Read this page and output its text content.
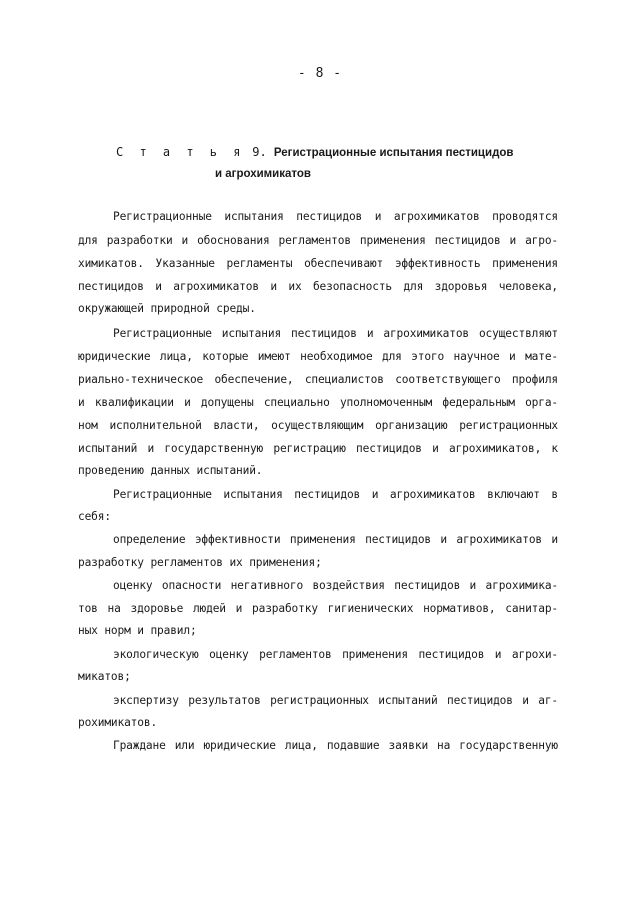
- 8 -
С т а т ь я 9. Регистрационные испытания пестицидов
и агрохимикатов
Регистрационные испытания пестицидов и агрохимикатов проводятся
для разработки и обоснования регламентов применения пестицидов и агро-
химикатов. Указанные регламенты обеспечивают эффективность применения
пестицидов и агрохимикатов и их безопасность для здоровья человека,
окружающей природной среды.
Регистрационные испытания пестицидов и агрохимикатов осуществляют
юридические лица, которые имеют необходимое для этого научное и мате-
риально-техническое обеспечение, специалистов соответствующего профиля
и квалификации и допущены специально уполномоченным федеральным орга-
ном исполнительной власти, осуществляющим организацию регистрационных
испытаний и государственную регистрацию пестицидов и агрохимикатов, к
проведению данных испытаний.
Регистрационные испытания пестицидов и агрохимикатов включают в
себя:
определение эффективности применения пестицидов и агрохимикатов и
разработку регламентов их применения;
оценку опасности негативного воздействия пестицидов и агрохимика-
тов на здоровье людей и разработку гигиенических нормативов, санитар-
ных норм и правил;
экологическую оценку регламентов применения пестицидов и агрохи-
микатов;
экспертизу результатов регистрационных испытаний пестицидов и аг-
рохимикатов.
Граждане или юридические лица, подавшие заявки на государственную
